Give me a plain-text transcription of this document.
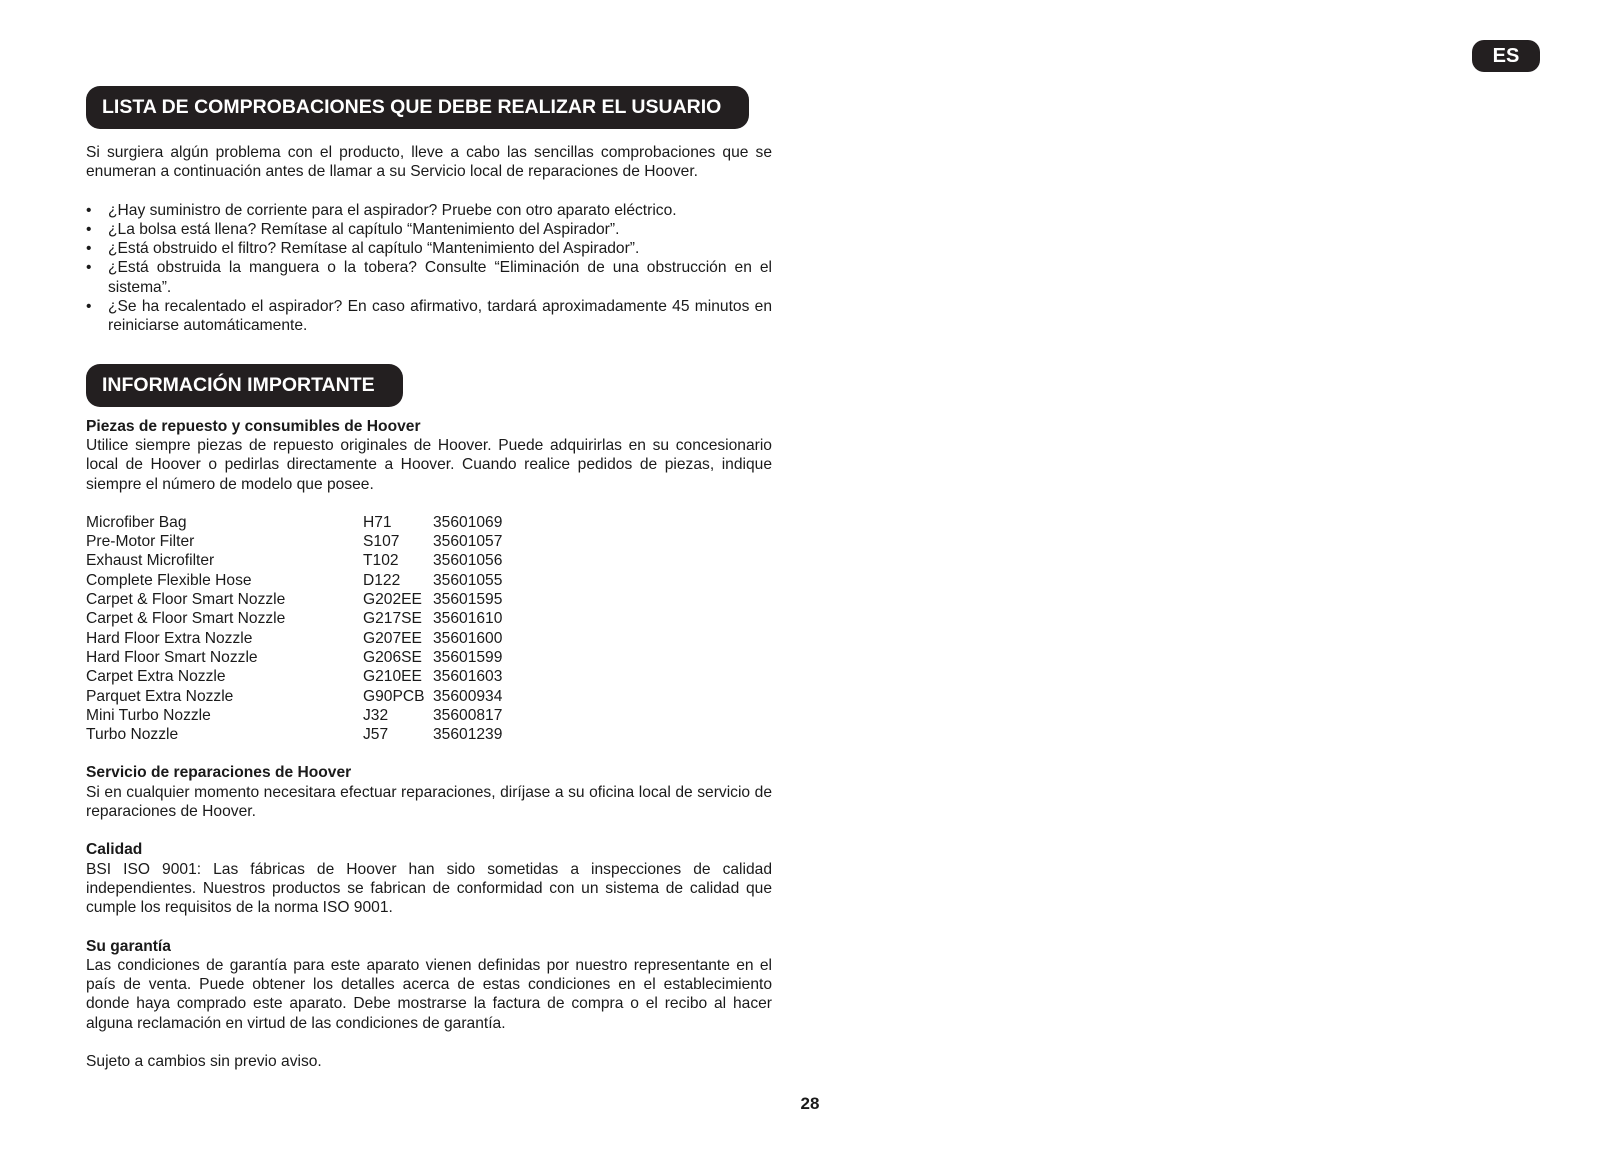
ES
LISTA DE COMPROBACIONES QUE DEBE REALIZAR EL USUARIO

Si surgiera algún problema con el producto, lleve a cabo las sencillas comprobaciones que se enumeran a continuación antes de llamar a su Servicio local de reparaciones de Hoover.

• ¿Hay suministro de corriente para el aspirador? Pruebe con otro aparato eléctrico.
• ¿La bolsa está llena? Remítase al capítulo “Mantenimiento del Aspirador”.
• ¿Está obstruido el filtro? Remítase al capítulo “Mantenimiento del Aspirador”.
• ¿Está obstruida la manguera o la tobera? Consulte “Eliminación de una obstrucción en el sistema”.
• ¿Se ha recalentado el aspirador? En caso afirmativo, tardará aproximadamente 45 minutos en reiniciarse automáticamente.
INFORMACIÓN IMPORTANTE

Piezas de repuesto y consumibles de Hoover

Utilice siempre piezas de repuesto originales de Hoover. Puede adquirirlas en su concesionario local de Hoover o pedirlas directamente a Hoover. Cuando realice pedidos de piezas, indique siempre el número de modelo que posee.

Microfiber Bag	H71	35601069
Pre-Motor Filter	S107	35601057
Exhaust Microfilter	T102	35601056
Complete Flexible Hose	D122	35601055
Carpet & Floor Smart Nozzle	G202EE	35601595
Carpet & Floor Smart Nozzle	G217SE	35601610
Hard Floor Extra Nozzle	G207EE	35601600
Hard Floor Smart Nozzle	G206SE	35601599
Carpet Extra Nozzle	G210EE	35601603
Parquet Extra Nozzle	G90PCB	35600934
Mini Turbo Nozzle	J32	35600817
Turbo Nozzle	J57	35601239

Servicio de reparaciones de Hoover

Si en cualquier momento necesitara efectuar reparaciones, diríjase a su oficina local de servicio de reparaciones de Hoover.

Calidad

BSI ISO 9001: Las fábricas de Hoover han sido sometidas a inspecciones de calidad independientes. Nuestros productos se fabrican de conformidad con un sistema de calidad que cumple los requisitos de la norma ISO 9001.

Su garantía

Las condiciones de garantía para este aparato vienen definidas por nuestro representante en el país de venta. Puede obtener los detalles acerca de estas condiciones en el establecimiento donde haya comprado este aparato. Debe mostrarse la factura de compra o el recibo al hacer alguna reclamación en virtud de las condiciones de garantía.

Sujeto a cambios sin previo aviso.

28
